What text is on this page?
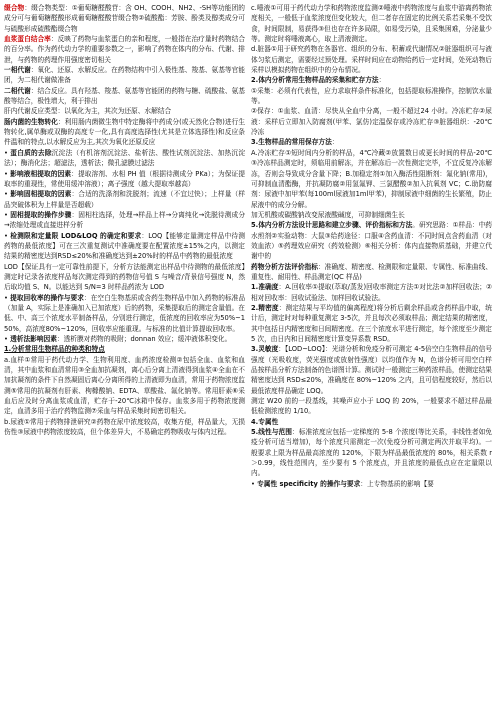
缀合物：缀合物类型：①葡萄糖醛酸苷：含 OH、COOH、NH2、-SH等功能团的成分可与葡萄糖醛酸形成葡萄糖醛酸苷缀合物②硫酸酯：芳胺、酚类及醇类成分可与硫酸形成硫酸酯缀合物

血浆蛋白结合率：反映了药物与血浆蛋白的亲和程度，一般指在治疗量时药物结合的百分率。作为药代动力学的重要参数之一，影响了药物在体内的分布、代谢、排泄，与药物的药理作用强度密切相关

一相代谢：氧化、还原、水解反应。在药物结构中引入极性基、羧基、氨基等官能团，为二相代谢做准备

二相代谢：结合反应。具有羟基、羧基、氨基等官能团的药物与糖、硫酸盐、氨基酸等结合，极性增大，利于排出

肝内代谢反应类型：以氧化为主，其次为还原、水解结合

肠内菌的生物转化：利用肠内菌微生物中特定酶将中药成分(或天然化合物)进行生物转化,属单酶或双酶的高度专一化,具有高度选择性(尤其是立体选择性)和反应条件温和的特点,以水解反应为主,其次为氧化还原反应

• 蛋白质的去除沉淀法（有机溶剂沉淀法、盐析法、酸性试剂沉淀法、加热沉淀法）；酶消化法；超滤法，透析法；微孔滤膜过滤法

• 影响液相提取的因素：提取溶剂、水相 PH 值（根据待测成分 PKa）；为保证提取率的重现性，常使用缓冲溶液）；离子强度（越大提取率越高）

• 影响固相提取的因素：合适的洗涤剂和洗脱剂；流速（不宜过快）；上样量（样品突破体积为上样量是否超载）

• 固相提取的操作步骤：固相柱选择，处理→样品上样→分离纯化→洗脱待测成分→浓缩处理或直接进样分析

• 检测限和定量限 LOD&LOQ 的确定和要求：LOQ【能够定量测定样品中待测药物的最低浓度】可在三次重复测试中准确度要在配置浓度±15%之内，以测定结果的精密度达到RSD≤20%和准确度达到±20%时的样品中药物的最低浓度

LOD【保证具有一定可靠性前提下，分析方法能测定出样品中待测物的最低浓度】测定时记录各浓度样品每次测定得到的药物信号值 S 与噪音/背景信号强度 N，然后取均值 S、N。以能达到 S/N=3 时样品药浓为 LOD

• 提取回收率的操作与要求：在空白生物基质或含药生物样品中加入药物的标准品（加量 A，实际上是准确加入已加浓度）后的药物，采集提取后的测定含量值。在低、中、高三个浓度水平制备样品，分别进行测定，低浓度的回收率应为50%~150%，高浓度80%~120%，回收率应能重现。与标准的比值计算提取回收率。

• 透析法影响因素：透析膜对药物的吸附；donnan 效应；缓冲液体积变化。

1.分析常用生物样品的种类和特点

a.血样①常用于药代动力学、生物利用度、血药浓度检测②包括全血、血浆和血清，其中血浆和血清常用③全血加抗凝剂，离心后分离上清液得到血浆④全血在不加抗凝剂的条件下自然凝固后离心分离所得的上清液即为血清，常用于药物浓度监测⑤常用的抗凝剂有肝素、枸橼酸钠、EDTA、草酸盐、氟化钠等。常用肝素⑥采血后应及时分离血浆或血清，贮存于-20℃冰箱中保存。血浆多用于药物浓度测定，血清多用于治疗药物监测⑦采血与样品采集时间密切相关。

b.尿液①常用于药物排泄研究②药物在尿中浓度较高，收集方便，样品量大，无损伤性③尿液中药物浓度较高，但个体差异大，不易确定药物吸收与体内过程。

c.唾液①可用于药代动力学和药物浓度监测②唾液中药物浓度与血浆中游离药物浓度相关，一般低于血浆浓度但变化较大，但二者存在固定的比例关系若采集不受饮食，时间限制，易获得③但也存在许多局限，如易受污染，且采集困难，分泌量少等。测定时将唾液离心，取上清液测定。

d.脏器①用于研究药物在各器官、组织的分布、积蓄或代谢情况②脏器组织可与液体匀浆后测定，需要经过预处理。采样时间应在动物给药后一定时间，处死动物后采样以模拟药物在组织中的分布情况。

2.体内分析常用生物样品的采集和贮存方法：

①采集：必须有代表性，应力求取样条件标准化，包括提取标准操作，控制饮水量等。

②保存：①血浆、血清：尽快从全血中分离，一般不超过24 小时。冷冻贮存②尿液：采样后立即加入防腐剂(甲苯、氯仿)定温保存或冷冻贮存③脏器组织：-20℃冷冻

3.生物样品的常用保存方法：

A.冷冻贮存①短时间内分析的样品，4℃冷藏②放置数日或更长时间的样品-20℃③冷冻样品测定时，须临用前解冻，并在解冻后一次性测定完毕，不宜反复冷冻解冻，否则会导致成分含量下降；B.加稳定剂①加入酶活性阻断剂：氟化钠(常用)，可抑制血清酯酶，并抗凝防腐②用氢氟钾、三氯醋酸②加入抗氧剂 VC；C.助防腐剂：尿液中加甲苯(每100ml尿液加1ml甲苯)，抑制尿液中细菌的生长繁殖，防止尿液中的成分分解。

加无机酸或碳酸钠改变尿液酸碱度，可抑制细菌生长

5.体内分析方法设计思路和建立步骤、评价指标和方法。研究思路：①样品：中药水煎剂②实验动物：大鼠③给药途径：口服④含药血清：不同时间点含药血清（对效血浓）⑤药理效应研究（药效检测）⑥相关分析：体内直接物质基础，并建立代谢中的

药物分析方法评价指标：准确度、精密度、检测限和定量限、专属性、标准曲线、重复性、耐用性、样品测定(QC 样品)

1.准确度：A.回收率①提取(萃取/蒸发)回收率测定方法①对比法②加样回收法；②相对回收率：回收试验法、加样回收试验法。

2.精密度：测定结果与平均值的偏离程度)将分析后剩余样品或含药样品中取，统计后，测定时对每种重复测定 3-5次，并且每次必须取样品；测定结果的精密度，其中包括日内精密度和日间精密度。在三个浓度水平进行测定，每个浓度至少测定 5 次，由日内和日间精密度计算变异系数 RSD。

3.灵敏度：【LOD~LOQ】：光谱分析和免疫分析可测定 4-5倍空白生物样品的信号强度（光吸收度，荧光强度或放射性强度）以均值作为 N，色谱分析可用空白样品按样品分析方法制备的色谱图计算。测试时一般测定三种药浓样品，使测定结果精密度达到 RSD≤20%，准确度在 80%~120% 之内，且可信程度较好，然后以最低浓度样品确定 LOQ。

测定 W20 前的一段基线，其噪声应小于 LOQ 的 20%，一般要求不超过样品最低检测浓度的 1/10。

4.专属性

5.线性与范围：标准浓度应包括一定梯度的 5-8 个浓度(等比关系，非线性者如免疫分析可适当增加)，每个浓度只需测定一次(免疫分析可测定两次并取平均)。一般要求上限为样品最高浓度的 120%，下限为样品最低浓度的 80%，相关系数 r＞0.99，线性范围内，至少要有 5 个浓度点，并且浓度的最低点应在定量限以内。

• 专属性 specificity 的操作与要求：上专物基质的影响【要
